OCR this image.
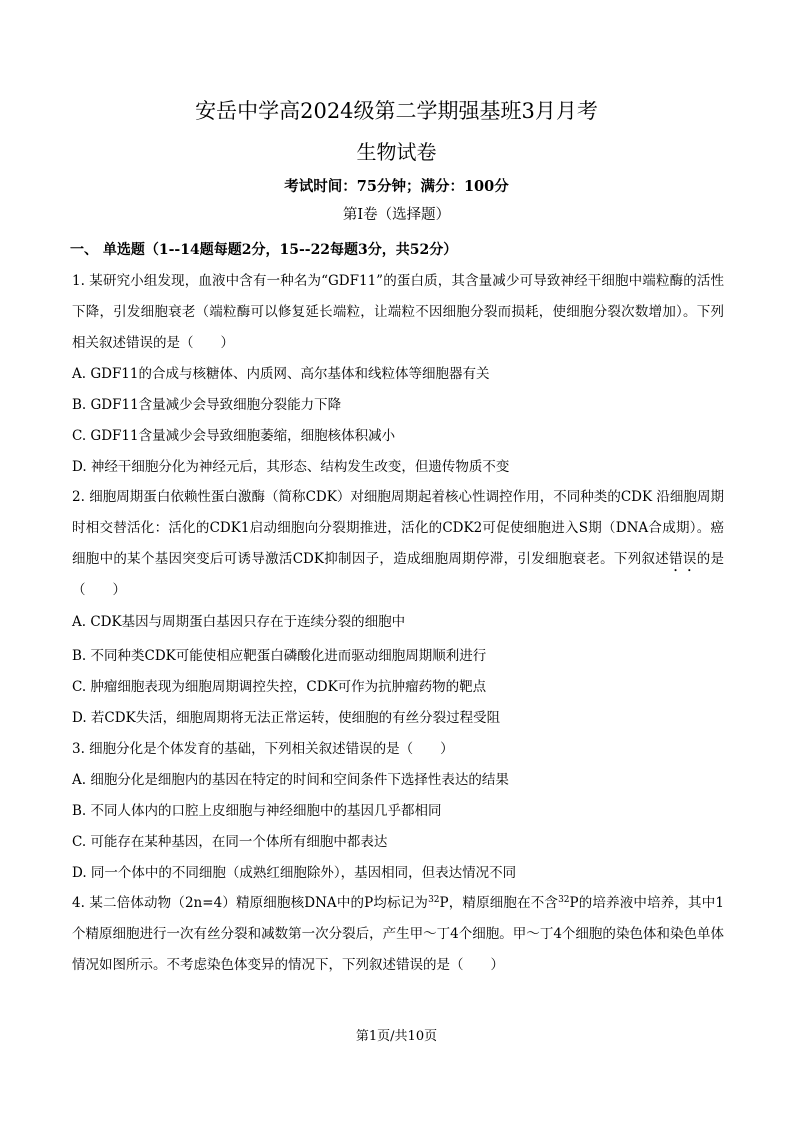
安岳中学高2024级第二学期强基班3月月考
生物试卷
考试时间：75分钟；满分：100分
第I卷（选择题）
一、 单选题（1--14题每题2分，15--22每题3分，共52分）
1. 某研究小组发现，血液中含有一种名为“GDF11”的蛋白质，其含量减少可导致神经干细胞中端粒酶的活性下降，引发细胞衰老（端粒酶可以修复延长端粒，让端粒不因细胞分裂而损耗，使细胞分裂次数增加）。下列相关叙述错误的是（　　）
A. GDF11的合成与核糖体、内质网、高尔基体和线粒体等细胞器有关
B. GDF11含量减少会导致细胞分裂能力下降
C. GDF11含量减少会导致细胞萎缩，细胞核体积减小
D. 神经干细胞分化为神经元后，其形态、结构发生改变，但遗传物质不变
2. 细胞周期蛋白依赖性蛋白激酶（简称CDK）对细胞周期起着核心性调控作用，不同种类的CDK 沿细胞周期时相交替活化：活化的CDK1启动细胞向分裂期推进，活化的CDK2可促使细胞进入S期（DNA合成期）。癌细胞中的某个基因突变后可诱导激活CDK抑制因子，造成细胞周期停滞，引发细胞衰老。下列叙述错误的是（　　）
A. CDK基因与周期蛋白基因只存在于连续分裂的细胞中
B. 不同种类CDK可能使相应靶蛋白磷酸化进而驱动细胞周期顺利进行
C. 肿瘤细胞表现为细胞周期调控失控，CDK可作为抗肿瘤药物的靶点
D. 若CDK失活，细胞周期将无法正常运转，使细胞的有丝分裂过程受阻
3. 细胞分化是个体发育的基础，下列相关叙述错误的是（　　）
A. 细胞分化是细胞内的基因在特定的时间和空间条件下选择性表达的结果
B. 不同人体内的口腔上皮细胞与神经细胞中的基因几乎都相同
C. 可能存在某种基因，在同一个体所有细胞中都表达
D. 同一个体中的不同细胞（成熟红细胞除外），基因相同，但表达情况不同
4. 某二倍体动物（2n=4）精原细胞核DNA中的P均标记为$^{32}$P，精原细胞在不含$^{32}$P的培养液中培养，其中1个精原细胞进行一次有丝分裂和减数第一次分裂后，产生甲～丁4个细胞。甲～丁4个细胞的染色体和染色单体情况如图所示。不考虑染色体变异的情况下，下列叙述错误的是（　　）
第1页/共10页
